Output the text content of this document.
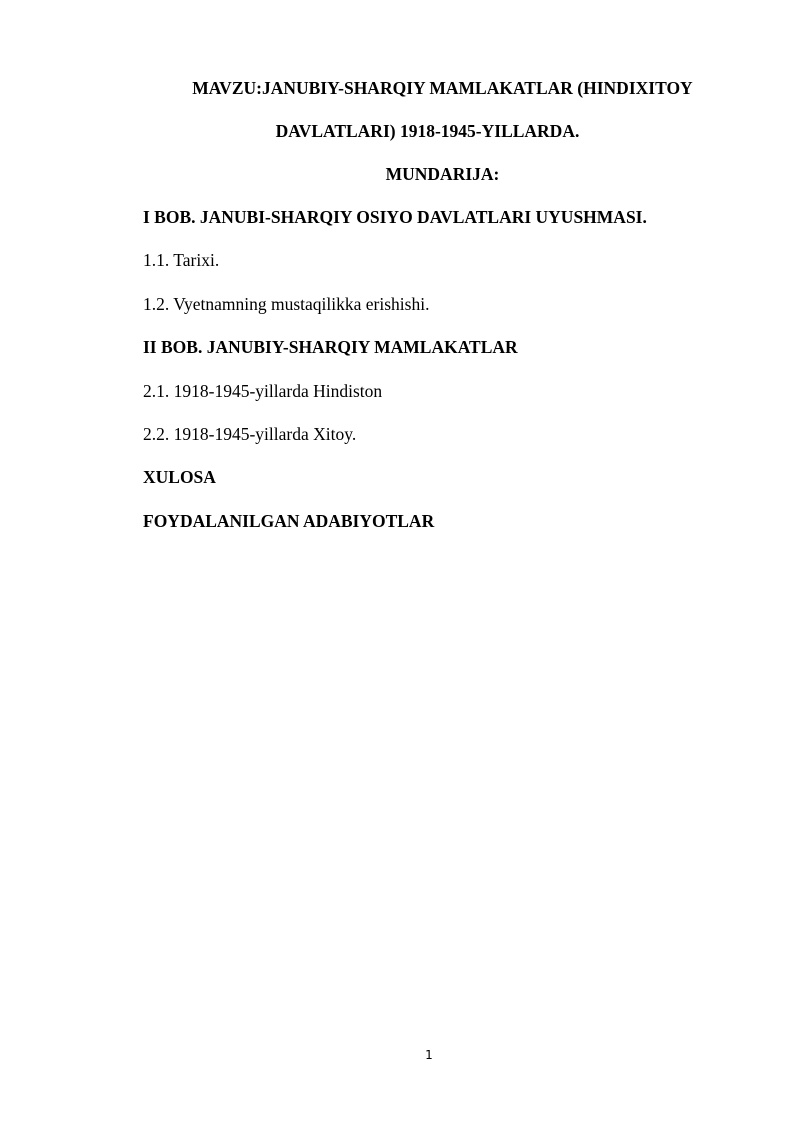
MAVZU:JANUBIY-SHARQIY MAMLAKATLAR (HINDIXITOY
DAVLATLARI) 1918-1945-YILLARDA.
MUNDARIJA:
I BOB. JANUBI-SHARQIY OSIYO DAVLATLARI UYUSHMASI.
1.1. Tarixi.
1.2. Vyetnamning mustaqilikka erishishi.
II BOB. JANUBIY-SHARQIY MAMLAKATLAR
2.1. 1918-1945-yillarda Hindiston
2.2. 1918-1945-yillarda Xitoy.
XULOSA
FOYDALANILGAN ADABIYOTLAR
1
